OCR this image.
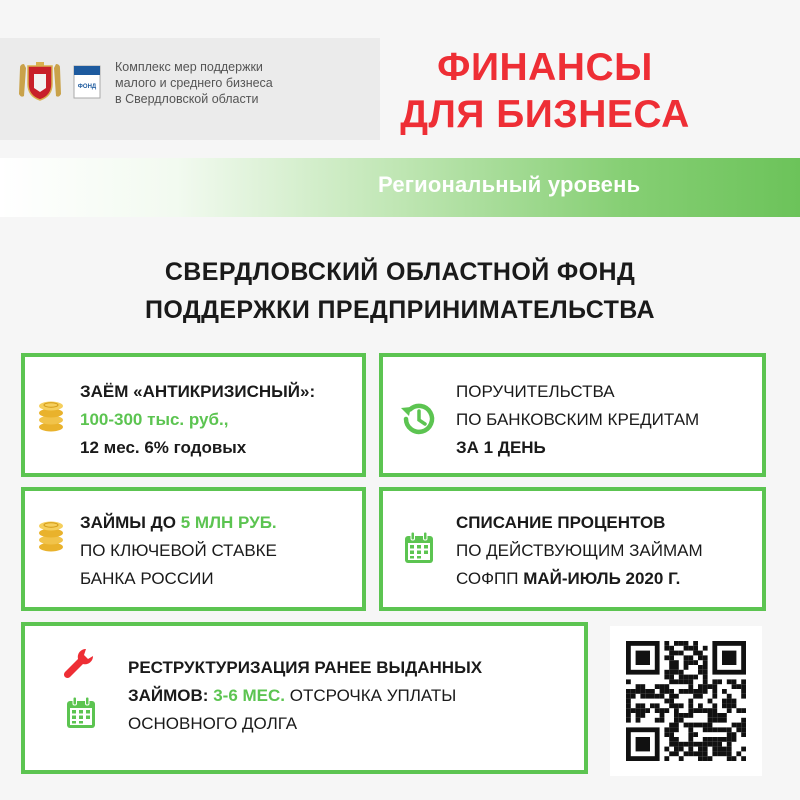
ФОНД
Комплекс мер поддержки
малого и среднего бизнеса
в Свердловской области
ФИНАНСЫ
ДЛЯ БИЗНЕСА
Региональный уровень
СВЕРДЛОВСКИЙ ОБЛАСТНОЙ ФОНД
ПОДДЕРЖКИ ПРЕДПРИНИМАТЕЛЬСТВА
ЗАЁМ «АНТИКРИЗИСНЫЙ»:
100-300 тыс. руб.,
12 мес. 6% годовых
ПОРУЧИТЕЛЬСТВА
ПО БАНКОВСКИМ КРЕДИТАМ
ЗА 1 ДЕНЬ
ЗАЙМЫ ДО 5 МЛН РУБ.
ПО КЛЮЧЕВОЙ СТАВКЕ
БАНКА РОССИИ
СПИСАНИЕ ПРОЦЕНТОВ
ПО ДЕЙСТВУЮЩИМ ЗАЙМАМ
СОФПП МАЙ-ИЮЛЬ 2020 Г.
РЕСТРУКТУРИЗАЦИЯ РАНЕЕ ВЫДАННЫХ
ЗАЙМОВ: 3-6 МЕС. ОТСРОЧКА УПЛАТЫ
ОСНОВНОГО ДОЛГА
